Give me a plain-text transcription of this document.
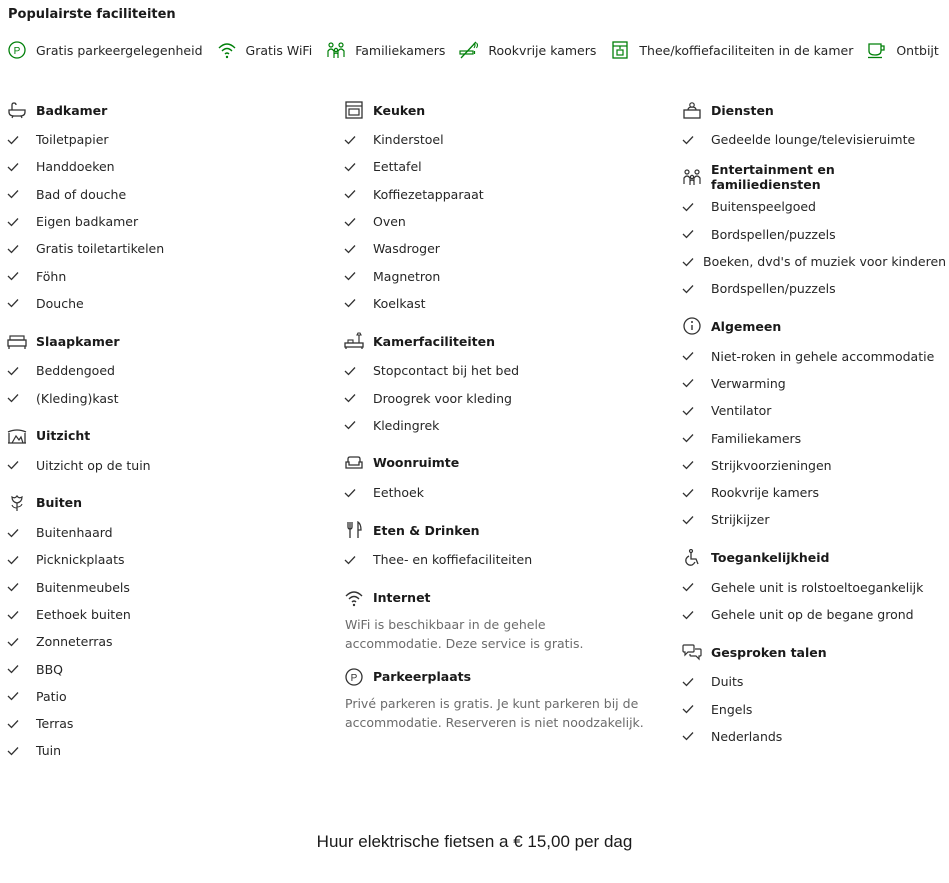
Populairste faciliteiten
P Gratis parkeergelegenheid	Gratis WiFi	Familiekamers	Rookvrije kamers	Thee/koffiefaciliteiten in de kamer	Ontbijt
Badkamer
Toiletpapier
Handdoeken
Bad of douche
Eigen badkamer
Gratis toiletartikelen
Föhn
Douche
Slaapkamer
Beddengoed
(Kleding)kast
Uitzicht
Uitzicht op de tuin
Buiten
Buitenhaard
Picknickplaats
Buitenmeubels
Eethoek buiten
Zonneterras
BBQ
Patio
Terras
Tuin
Keuken
Kinderstoel
Eettafel
Koffiezetapparaat
Oven
Wasdroger
Magnetron
Koelkast
Kamerfaciliteiten
Stopcontact bij het bed
Droogrek voor kleding
Kledingrek
Woonruimte
Eethoek
Eten & Drinken
Thee- en koffiefaciliteiten
Internet
WiFi is beschikbaar in de gehele accommodatie. Deze service is gratis.
P Parkeerplaats
Privé parkeren is gratis. Je kunt parkeren bij de accommodatie. Reserveren is niet noodzakelijk.
Diensten
Gedeelde lounge/televisieruimte
Entertainment en familiediensten
Buitenspeelgoed
Bordspellen/puzzels
Boeken, dvd's of muziek voor kinderen
Bordspellen/puzzels
Algemeen
Niet-roken in gehele accommodatie
Verwarming
Ventilator
Familiekamers
Strijkvoorzieningen
Rookvrije kamers
Strijkijzer
Toegankelijkheid
Gehele unit is rolstoeltoegankelijk
Gehele unit op de begane grond
Gesproken talen
Duits
Engels
Nederlands
Huur elektrische fietsen a € 15,00 per dag
